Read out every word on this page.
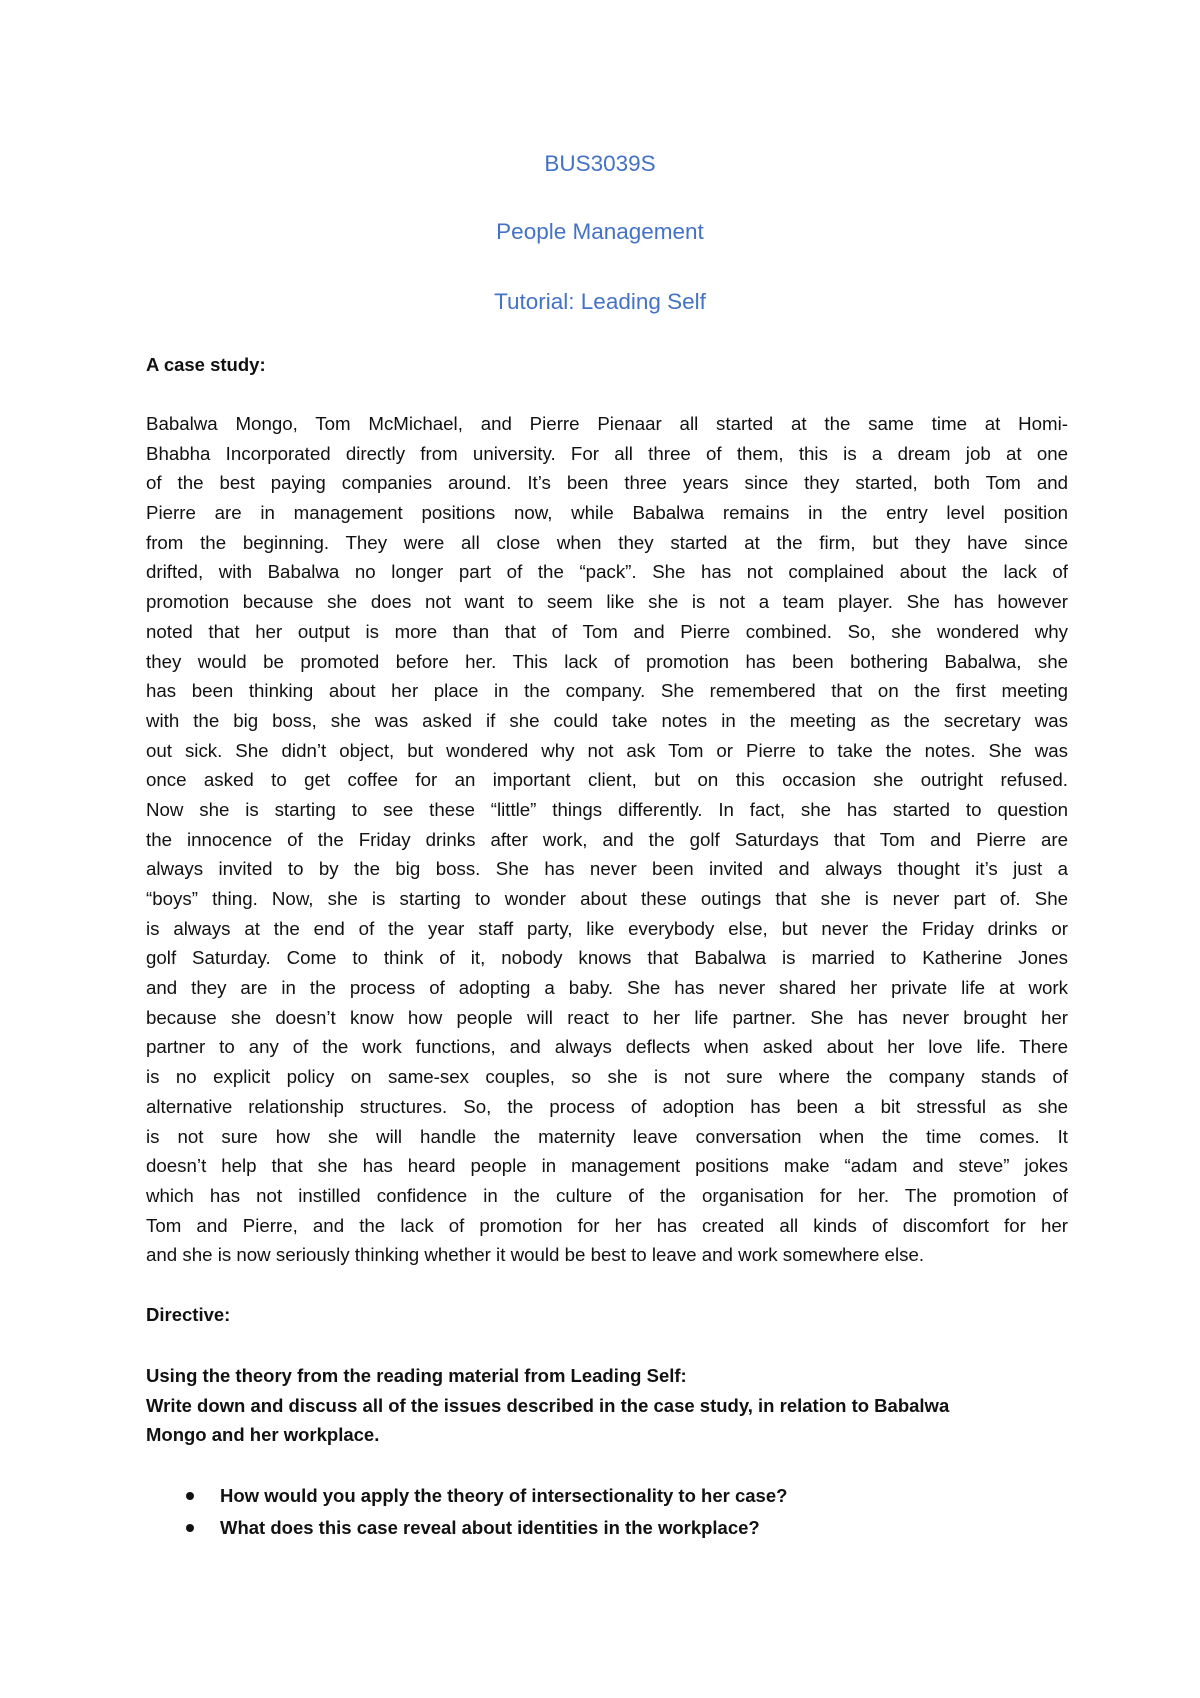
BUS3039S
People Management
Tutorial: Leading Self
A case study:
Babalwa Mongo, Tom McMichael, and Pierre Pienaar all started at the same time at Homi-
Bhabha Incorporated directly from university. For all three of them, this is a dream job at one
of the best paying companies around. It’s been three years since they started, both Tom and
Pierre are in management positions now, while Babalwa remains in the entry level position
from the beginning. They were all close when they started at the firm, but they have since
drifted, with Babalwa no longer part of the “pack”. She has not complained about the lack of
promotion because she does not want to seem like she is not a team player. She has however
noted that her output is more than that of Tom and Pierre combined. So, she wondered why
they would be promoted before her. This lack of promotion has been bothering Babalwa, she
has been thinking about her place in the company. She remembered that on the first meeting
with the big boss, she was asked if she could take notes in the meeting as the secretary was
out sick. She didn’t object, but wondered why not ask Tom or Pierre to take the notes. She was
once asked to get coffee for an important client, but on this occasion she outright refused.
Now she is starting to see these “little” things differently. In fact, she has started to question
the innocence of the Friday drinks after work, and the golf Saturdays that Tom and Pierre are
always invited to by the big boss. She has never been invited and always thought it’s just a
“boys” thing. Now, she is starting to wonder about these outings that she is never part of. She
is always at the end of the year staff party, like everybody else, but never the Friday drinks or
golf Saturday. Come to think of it, nobody knows that Babalwa is married to Katherine Jones
and they are in the process of adopting a baby. She has never shared her private life at work
because she doesn’t know how people will react to her life partner. She has never brought her
partner to any of the work functions, and always deflects when asked about her love life. There
is no explicit policy on same-sex couples, so she is not sure where the company stands of
alternative relationship structures. So, the process of adoption has been a bit stressful as she
is not sure how she will handle the maternity leave conversation when the time comes. It
doesn’t help that she has heard people in management positions make “adam and steve” jokes
which has not instilled confidence in the culture of the organisation for her. The promotion of
Tom and Pierre, and the lack of promotion for her has created all kinds of discomfort for her
and she is now seriously thinking whether it would be best to leave and work somewhere else.
Directive:
Using the theory from the reading material from Leading Self:
Write down and discuss all of the issues described in the case study, in relation to Babalwa
Mongo and her workplace.
How would you apply the theory of intersectionality to her case?
What does this case reveal about identities in the workplace?
